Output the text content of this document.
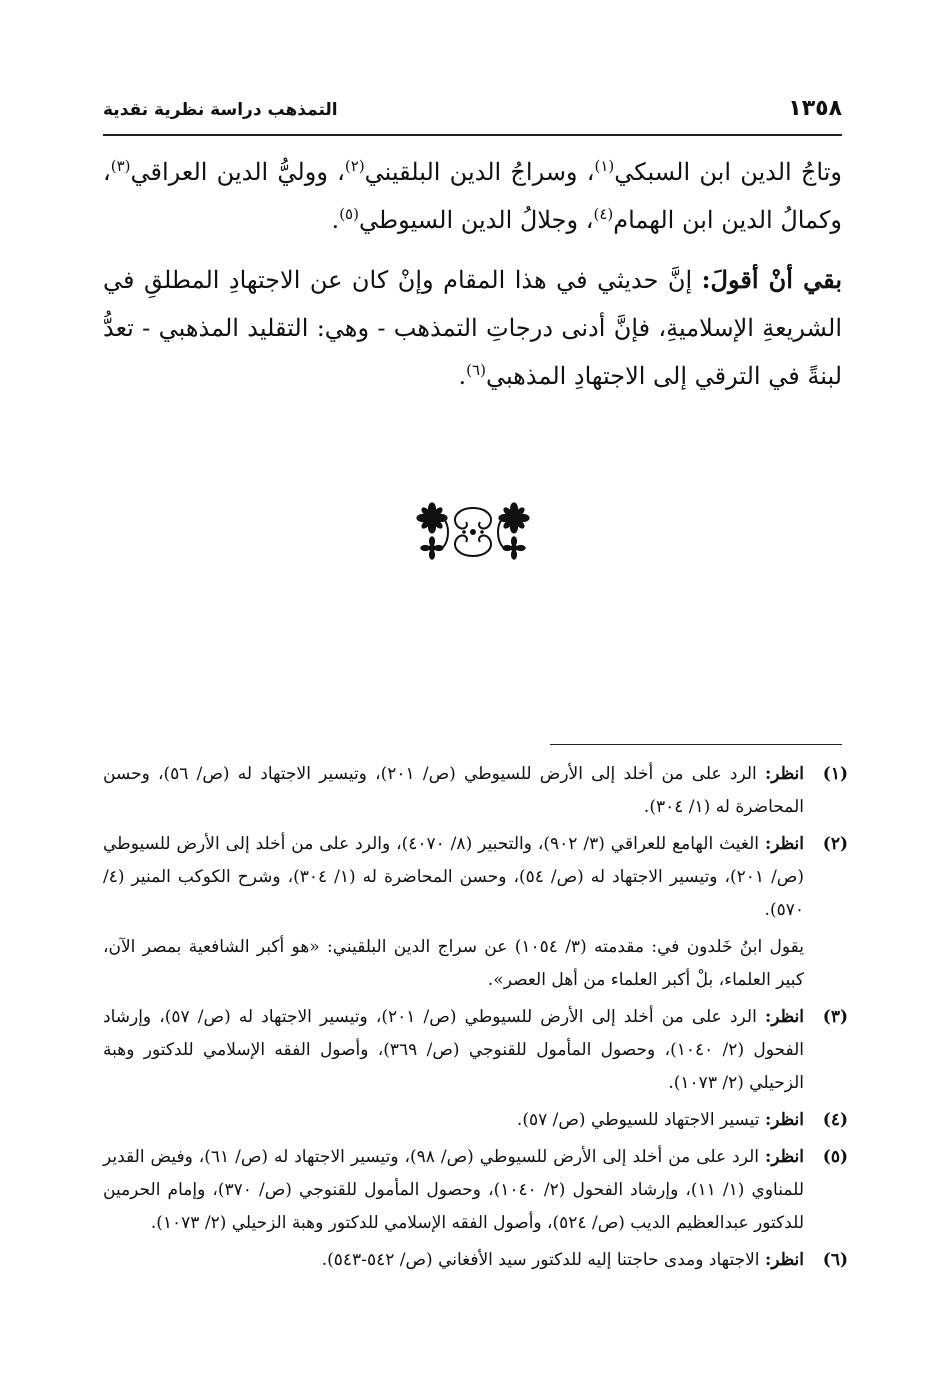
١٣٥٨
التمذهب دراسة نظرية نقدية

وتاجُ الدين ابن السبكي$^{(١)}$، وسراجُ الدين البلقيني$^{(٢)}$، ووليُّ الدين العراقي$^{(٣)}$، وكمالُ الدين ابن الهمام$^{(٤)}$، وجلالُ الدين السيوطي$^{(٥)}$.

بقي أنْ أقولَ: إنَّ حديثي في هذا المقام وإنْ كان عن الاجتهادِ المطلقِ في الشريعةِ الإسلاميةِ، فإنَّ أدنى درجاتِ التمذهب - وهي: التقليد المذهبي - تعدُّ لبنةً في الترقي إلى الاجتهادِ المذهبي$^{(٦)}$.

(١)
انظر: الرد على من أخلد إلى الأرض للسيوطي (ص/ ٢٠١)، وتيسير الاجتهاد له (ص/ ٥٦)، وحسن المحاضرة له (١/ ٣٠٤).
(٢)
انظر: الغيث الهامع للعراقي (٣/ ٩٠٢)، والتحبير (٨/ ٤٠٧٠)، والرد على من أخلد إلى الأرض للسيوطي (ص/ ٢٠١)، وتيسير الاجتهاد له (ص/ ٥٤)، وحسن المحاضرة له (١/ ٣٠٤)، وشرح الكوكب المنير (٤/ ٥٧٠).
يقول ابنُ خَلدون في: مقدمته (٣/ ١٠٥٤) عن سراج الدين البلقيني: «هو أكبر الشافعية بمصر الآن، كبير العلماء، بلْ أكبر العلماء من أهل العصر».
(٣)
انظر: الرد على من أخلد إلى الأرض للسيوطي (ص/ ٢٠١)، وتيسير الاجتهاد له (ص/ ٥٧)، وإرشاد الفحول (٢/ ١٠٤٠)، وحصول المأمول للقنوجي (ص/ ٣٦٩)، وأصول الفقه الإسلامي للدكتور وهبة الزحيلي (٢/ ١٠٧٣).
(٤)
انظر: تيسير الاجتهاد للسيوطي (ص/ ٥٧).
(٥)
انظر: الرد على من أخلد إلى الأرض للسيوطي (ص/ ٩٨)، وتيسير الاجتهاد له (ص/ ٦١)، وفيض القدير للمناوي (١/ ١١)، وإرشاد الفحول (٢/ ١٠٤٠)، وحصول المأمول للقنوجي (ص/ ٣٧٠)، وإمام الحرمين للدكتور عبدالعظيم الديب (ص/ ٥٢٤)، وأصول الفقه الإسلامي للدكتور وهبة الزحيلي (٢/ ١٠٧٣).
(٦)
انظر: الاجتهاد ومدى حاجتنا إليه للدكتور سيد الأفغاني (ص/ ٥٤٢-٥٤٣).
